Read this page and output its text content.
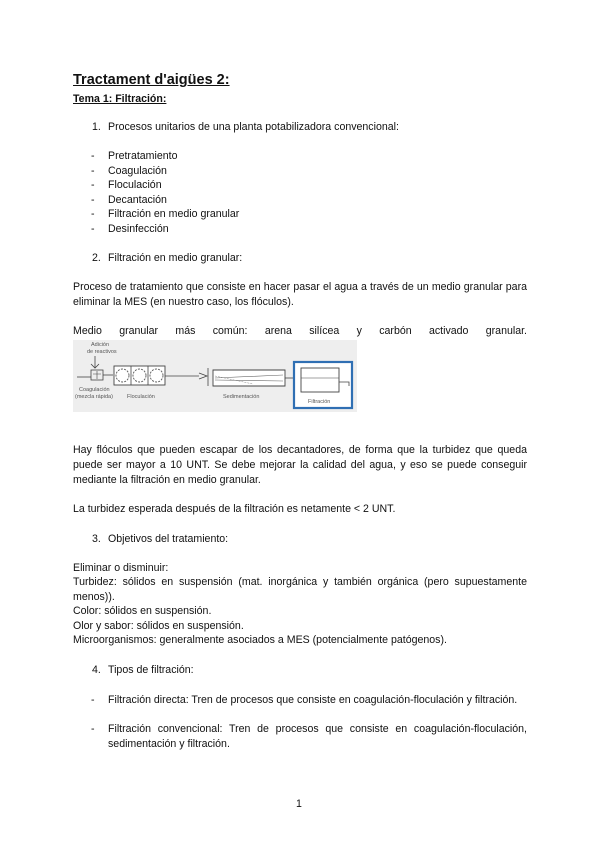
Tractament d'aigües 2:
Tema 1: Filtración:
1. Procesos unitarios de una planta potabilizadora convencional:
- Pretratamiento
- Coagulación
- Floculación
- Decantación
- Filtración en medio granular
- Desinfección
2. Filtración en medio granular:
Proceso de tratamiento que consiste en hacer pasar el agua a través de un medio granular para eliminar la MES (en nuestro caso, los flóculos).
Medio granular más común: arena silícea y carbón activado granular.
Adición
de reactivos
Coagulación
(mezcla rápida)	Floculación	Sedimentación
Filtración
Hay flóculos que pueden escapar de los decantadores, de forma que la turbidez que queda puede ser mayor a 10 UNT. Se debe mejorar la calidad del agua, y eso se puede conseguir mediante la filtración en medio granular.
La turbidez esperada después de la filtración es netamente < 2 UNT.
3. Objetivos del tratamiento:
Eliminar o disminuir:
Turbidez: sólidos en suspensión (mat. inorgánica y también orgánica (pero supuestamente menos)).
Color: sólidos en suspensión.
Olor y sabor: sólidos en suspensión.
Microorganismos: generalmente asociados a MES (potencialmente patógenos).
4. Tipos de filtración:
- Filtración directa: Tren de procesos que consiste en coagulación-floculación y filtración.
- Filtración convencional: Tren de procesos que consiste en coagulación-floculación, sedimentación y filtración.
1
